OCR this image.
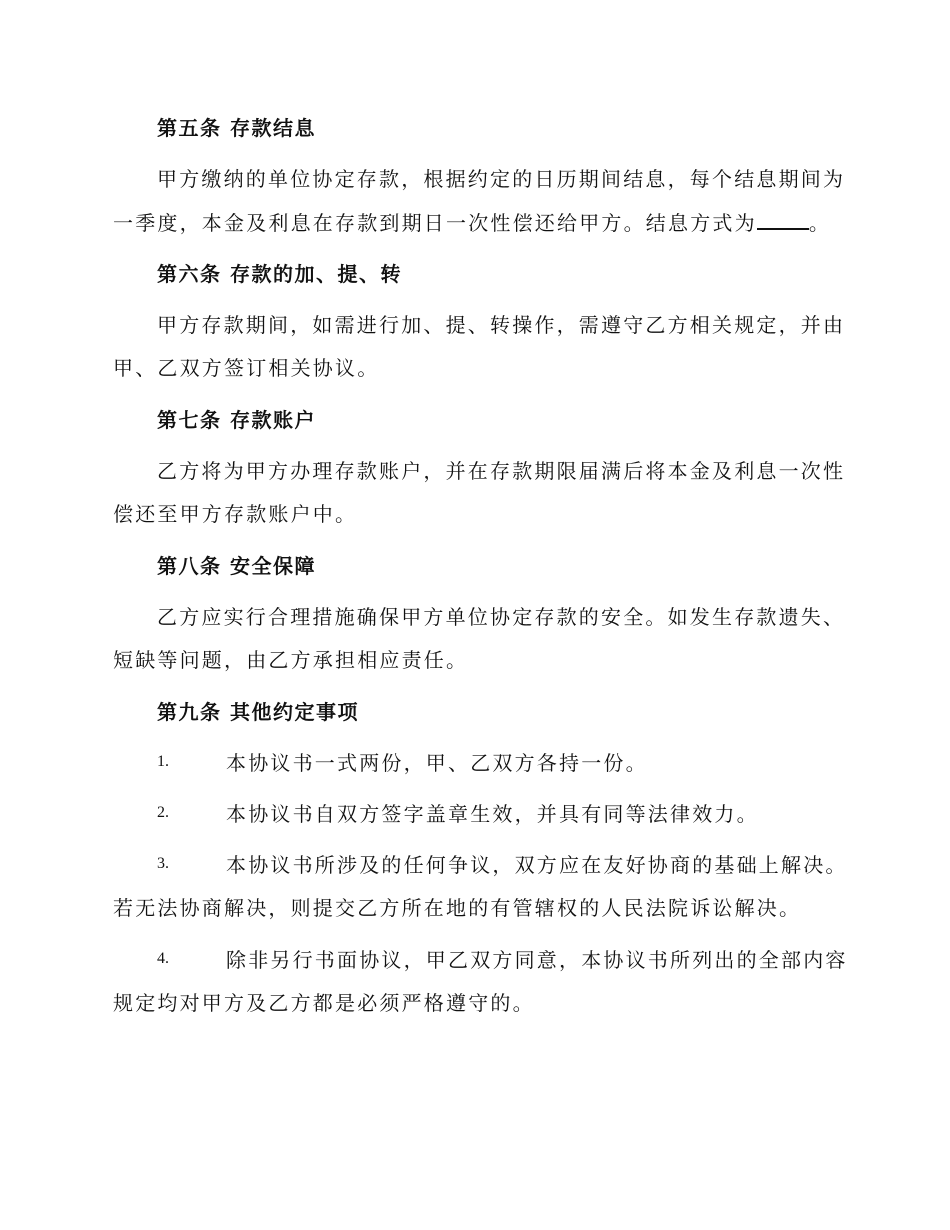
第五条 存款结息
甲方缴纳的单位协定存款，根据约定的日历期间结息，每个结息期间为
一季度，本金及利息在存款到期日一次性偿还给甲方。结息方式为	。
第六条 存款的加、提、转
甲方存款期间，如需进行加、提、转操作，需遵守乙方相关规定，并由
甲、乙双方签订相关协议。
第七条 存款账户
乙方将为甲方办理存款账户，并在存款期限届满后将本金及利息一次性
偿还至甲方存款账户中。
第八条 安全保障
乙方应实行合理措施确保甲方单位协定存款的安全。如发生存款遗失、
短缺等问题，由乙方承担相应责任。
第九条 其他约定事项
1.	本协议书一式两份，甲、乙双方各持一份。
2.	本协议书自双方签字盖章生效，并具有同等法律效力。
3.	本协议书所涉及的任何争议，双方应在友好协商的基础上解决。
若无法协商解决，则提交乙方所在地的有管辖权的人民法院诉讼解决。
4.	除非另行书面协议，甲乙双方同意，本协议书所列出的全部内容
规定均对甲方及乙方都是必须严格遵守的。
